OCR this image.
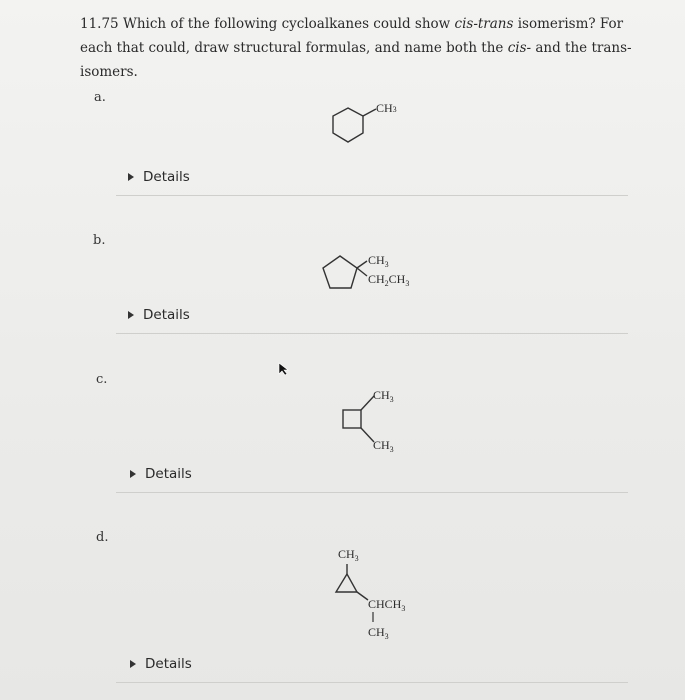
11.75 Which of the following cycloalkanes could show cis-trans isomerism? For each that could, draw structural formulas, and name both the cis- and the trans- isomers.
a.
CH3
Details
b.
$CH_3$
$CH_2CH_3$
Details
c.
$CH_3$
$CH_3$
Details
d.
$CH_3$
$CHCH_3$
$CH_3$
Details
